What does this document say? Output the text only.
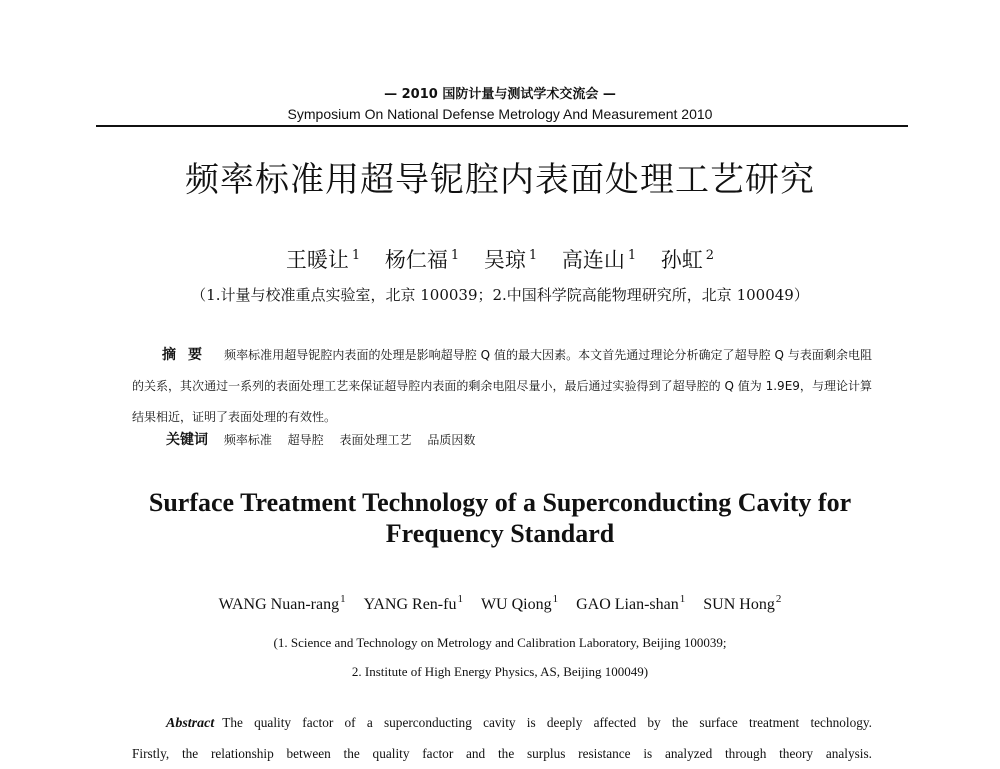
— 2010 国防计量与测试学术交流会 —
Symposium On National Defense Metrology And Measurement 2010
频率标准用超导铌腔内表面处理工艺研究
王暖让 $^1$ 杨仁福 $^1$ 吴琼 $^1$ 高连山 $^1$ 孙虹 $^2$
（1.计量与校准重点实验室，北京 100039；2.中国科学院高能物理研究所，北京 100049）
摘要 频率标准用超导铌腔内表面的处理是影响超导腔 Q 值的最大因素。本文首先通过理论分析确定了超导腔 Q 与表面剩余电阻的关系，其次通过一系列的表面处理工艺来保证超导腔内表面的剩余电阻尽量小，最后通过实验得到了超导腔的 Q 值为 1.9E9，与理论计算结果相近，证明了表面处理的有效性。
关键词 频率标准 超导腔 表面处理工艺 品质因数
Surface Treatment Technology of a Superconducting Cavity for Frequency Standard
WANG Nuan-rang$^1$ YANG Ren-$fu^1$ WU Qiong$^1$ GAO Lian-shan$^1$ SUN Hong$^2$
(1. Science and Technology on Metrology and Calibration Laboratory, Beijing 100039;
2. Institute of High Energy Physics, AS, Beijing 100049)
Abstract The quality factor of a superconducting cavity is deeply affected by the surface treatment technology.
Firstly, the relationship between the quality factor and the surplus resistance is analyzed through theory analysis.
